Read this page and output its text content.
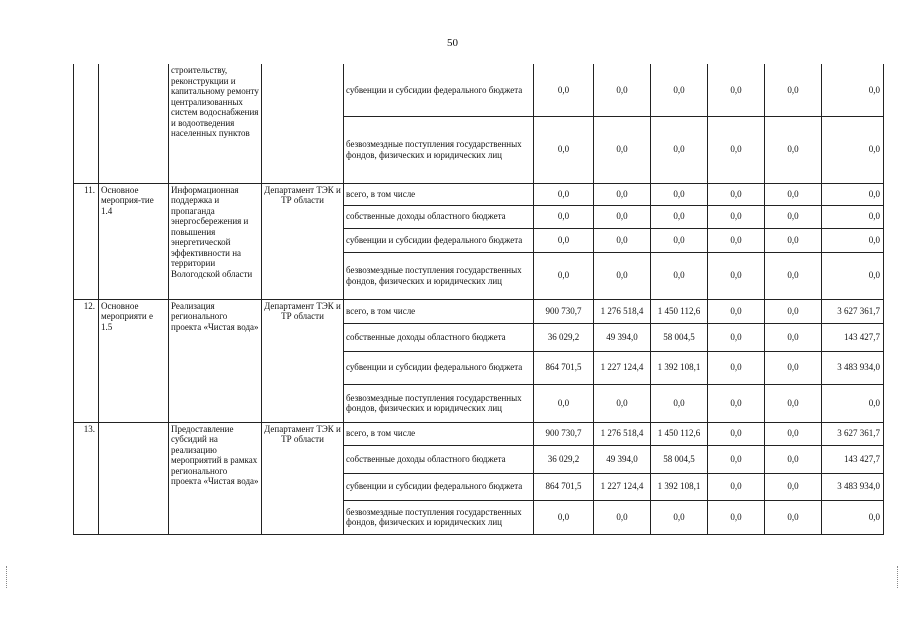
50
		строительству, реконструкции и капитальному ремонту централизованных систем водоснабжения и водоотведения населенных пунктов		субвенции и субсидии федерального бюджета	0,0	0,0	0,0	0,0	0,0	0,0
				безвозмездные поступления государственных фондов, физических и юридических лиц	0,0	0,0	0,0	0,0	0,0	0,0
11.	Основное мероприя-тие 1.4	Информационная поддержка и пропаганда энергосбережения и повышения энергетической эффективности на территории Вологодской области	Департамент ТЭК и ТР области	всего, в том числе	0,0	0,0	0,0	0,0	0,0	0,0
				собственные доходы областного бюджета	0,0	0,0	0,0	0,0	0,0	0,0
				субвенции и субсидии федерального бюджета	0,0	0,0	0,0	0,0	0,0	0,0
				безвозмездные поступления государственных фондов, физических и юридических лиц	0,0	0,0	0,0	0,0	0,0	0,0
12.	Основное мероприяти е 1.5	Реализация регионального проекта «Чистая вода»	Департамент ТЭК и ТР области	всего, в том числе	900 730,7	1 276 518,4	1 450 112,6	0,0	0,0	3 627 361,7
				собственные доходы областного бюджета	36 029,2	49 394,0	58 004,5	0,0	0,0	143 427,7
				субвенции и субсидии федерального бюджета	864 701,5	1 227 124,4	1 392 108,1	0,0	0,0	3 483 934,0
				безвозмездные поступления государственных фондов, физических и юридических лиц	0,0	0,0	0,0	0,0	0,0	0,0
13.		Предоставление субсидий на реализацию мероприятий в рамках регионального проекта «Чистая вода»	Департамент ТЭК и ТР области	всего, в том числе	900 730,7	1 276 518,4	1 450 112,6	0,0	0,0	3 627 361,7
				собственные доходы областного бюджета	36 029,2	49 394,0	58 004,5	0,0	0,0	143 427,7
				субвенции и субсидии федерального бюджета	864 701,5	1 227 124,4	1 392 108,1	0,0	0,0	3 483 934,0
				безвозмездные поступления государственных фондов, физических и юридических лиц	0,0	0,0	0,0	0,0	0,0	0,0
